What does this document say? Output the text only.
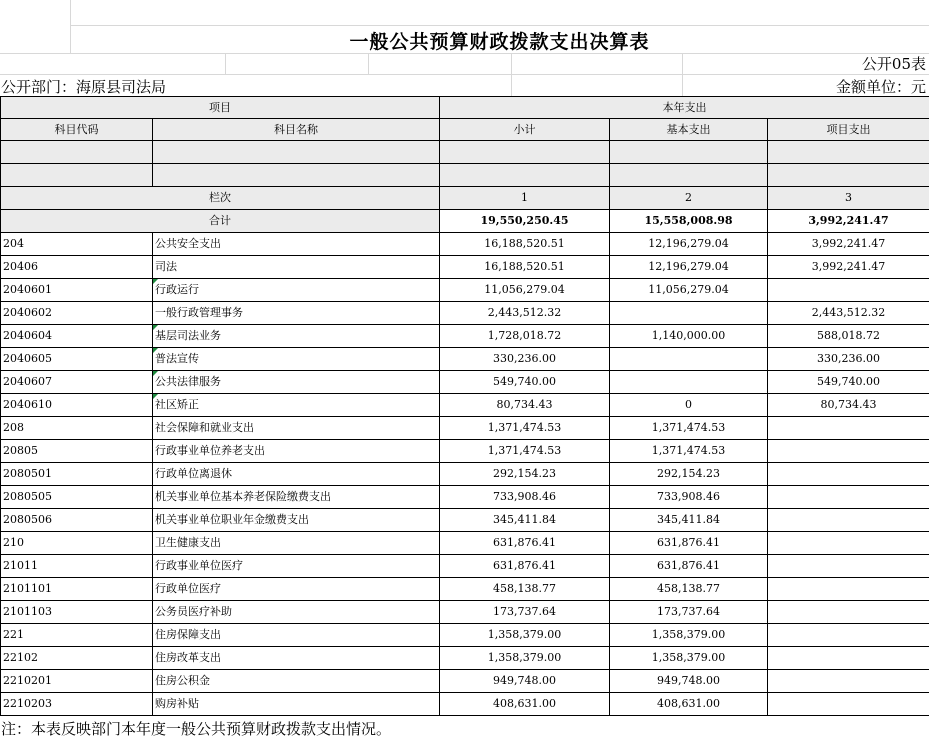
一般公共预算财政拨款支出决算表
公开05表
公开部门：海原县司法局	金额单位：元
项目		本年支出		
科目代码	科目名称	小计	基本支出	项目支出

栏次		1	2	3
合计		19,550,250.45	15,558,008.98	3,992,241.47
204	公共安全支出	16,188,520.51	12,196,279.04	3,992,241.47
20406	司法	16,188,520.51	12,196,279.04	3,992,241.47
2040601	行政运行	11,056,279.04	11,056,279.04	
2040602	一般行政管理事务	2,443,512.32		2,443,512.32
2040604	基层司法业务	1,728,018.72	1,140,000.00	588,018.72
2040605	普法宣传	330,236.00		330,236.00
2040607	公共法律服务	549,740.00		549,740.00
2040610	社区矫正	80,734.43	0	80,734.43
208	社会保障和就业支出	1,371,474.53	1,371,474.53	
20805	行政事业单位养老支出	1,371,474.53	1,371,474.53	
2080501	行政单位离退休	292,154.23	292,154.23	
2080505	机关事业单位基本养老保险缴费支出	733,908.46	733,908.46	
2080506	机关事业单位职业年金缴费支出	345,411.84	345,411.84	
210	卫生健康支出	631,876.41	631,876.41	
21011	行政事业单位医疗	631,876.41	631,876.41	
2101101	行政单位医疗	458,138.77	458,138.77	
2101103	公务员医疗补助	173,737.64	173,737.64	
221	住房保障支出	1,358,379.00	1,358,379.00	
22102	住房改革支出	1,358,379.00	1,358,379.00	
2210201	住房公积金	949,748.00	949,748.00	
2210203	购房补贴	408,631.00	408,631.00	
注：本表反映部门本年度一般公共预算财政拨款支出情况。
